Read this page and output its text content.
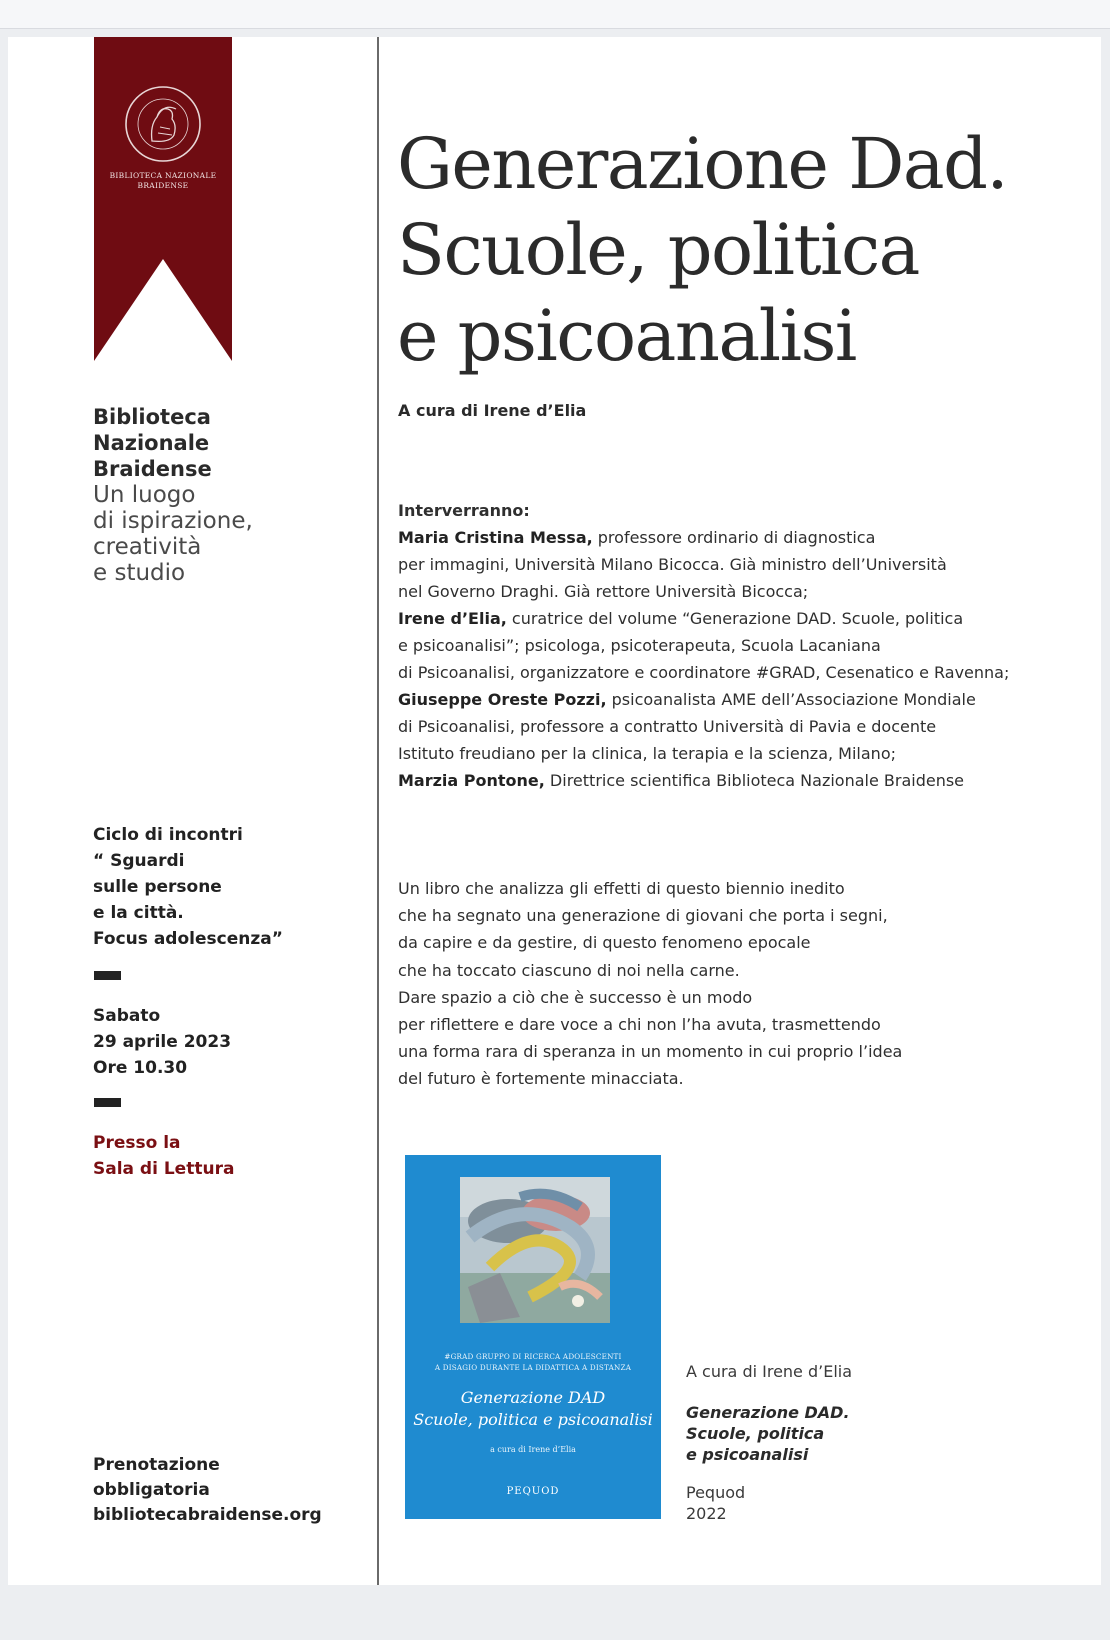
BIBLIOTECA NAZIONALE
BRAIDENSE
Biblioteca
Nazionale
Braidense
Un luogo
di ispirazione,
creatività
e studio
Ciclo di incontri
“ Sguardi
sulle persone
e la città.
Focus adolescenza”
Sabato
29 aprile 2023
Ore 10.30
Presso la
Sala di Lettura
Prenotazione
obbligatoria
bibliotecabraidense.org
Generazione Dad.
Scuole, politica
e psicoanalisi
A cura di Irene d’Elia

Interverranno:

Maria Cristina Messa, professore ordinario di diagnostica

per immagini, Università Milano Bicocca. Già ministro dell’Università

nel Governo Draghi. Già rettore Università Bicocca;

Irene d’Elia, curatrice del volume “Generazione DAD. Scuole, politica

e psicoanalisi”; psicologa, psicoterapeuta, Scuola Lacaniana

di Psicoanalisi, organizzatore e coordinatore #GRAD, Cesenatico e Ravenna;

Giuseppe Oreste Pozzi, psicoanalista AME dell’Associazione Mondiale

di Psicoanalisi, professore a contratto Università di Pavia e docente

Istituto freudiano per la clinica, la terapia e la scienza, Milano;

Marzia Pontone, Direttrice scientifica Biblioteca Nazionale Braidense

Un libro che analizza gli effetti di questo biennio inedito
che ha segnato una generazione di giovani che porta i segni,
da capire e da gestire, di questo fenomeno epocale
che ha toccato ciascuno di noi nella carne.
Dare spazio a ciò che è successo è un modo
per riflettere e dare voce a chi non l’ha avuta, trasmettendo
una forma rara di speranza in un momento in cui proprio l’idea
del futuro è fortemente minacciata.
#GRAD GRUPPO DI RICERCA ADOLESCENTI
A DISAGIO DURANTE LA DIDATTICA A DISTANZA
Generazione DAD
Scuole, politica e psicoanalisi
a cura di Irene d’Elia
PEQUOD
A cura di Irene d’Elia
Generazione DAD.
Scuole, politica
e psicoanalisi
Pequod
2022
